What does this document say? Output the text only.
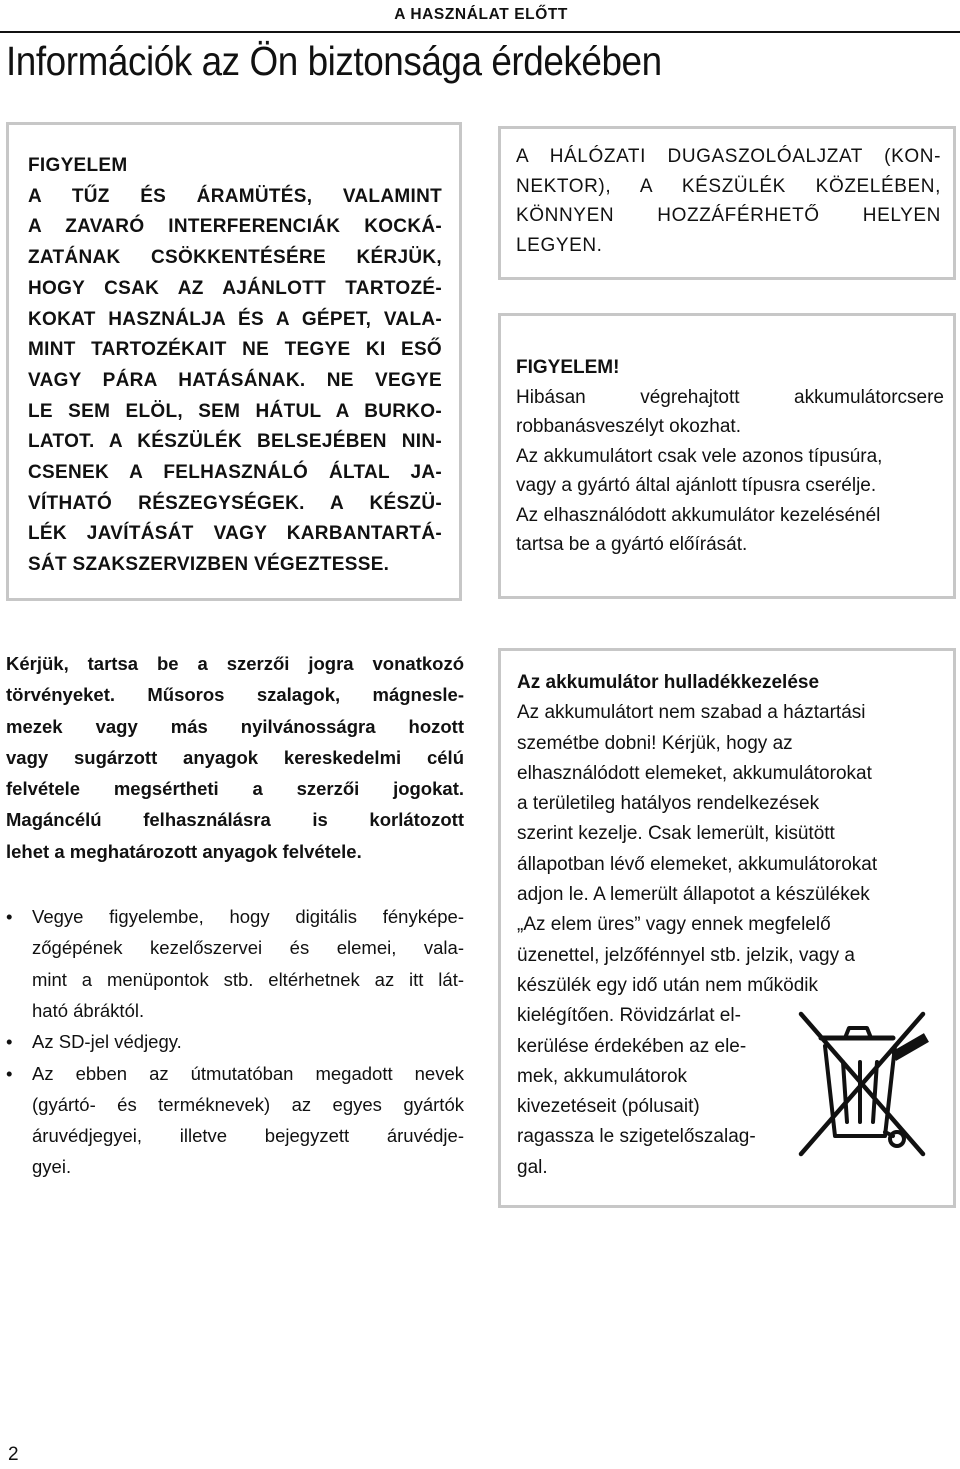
A HASZNÁLAT ELŐTT
Információk az Ön biztonsága érdekében
FIGYELEM
A TŰZ ÉS ÁRAMÜTÉS, VALAMINT
A ZAVARÓ INTERFERENCIÁK KOCKÁ-
ZATÁNAK CSÖKKENTÉSÉRE KÉRJÜK,
HOGY CSAK AZ AJÁNLOTT TARTOZÉ-
KOKAT HASZNÁLJA ÉS A GÉPET, VALA-
MINT TARTOZÉKAIT NE TEGYE KI ESŐ
VAGY PÁRA HATÁSÁNAK. NE VEGYE
LE SEM ELÖL, SEM HÁTUL A BURKO-
LATOT. A KÉSZÜLÉK BELSEJÉBEN NIN-
CSENEK A FELHASZNÁLÓ ÁLTAL JA-
VÍTHATÓ RÉSZEGYSÉGEK. A KÉSZÜ-
LÉK JAVÍTÁSÁT VAGY KARBANTARTÁ-
SÁT SZAKSZERVIZBEN VÉGEZTESSE.
A HÁLÓZATI DUGASZOLÓALJZAT (KON-
NEKTOR), A KÉSZÜLÉK KÖZELÉBEN,
KÖNNYEN HOZZÁFÉRHETŐ HELYEN
LEGYEN.
FIGYELEM!
Hibásan végrehajtott akkumulátorcsere
robbanásveszélyt okozhat.
Az akkumulátort csak vele azonos típusúra,
vagy a gyártó által ajánlott típusra cserélje.
Az elhasználódott akkumulátor kezelésénél
tartsa be a gyártó előírását.
Kérjük, tartsa be a szerzői jogra vonatkozó
törvényeket. Műsoros szalagok, mágnesle-
mezek vagy más nyilvánosságra hozott
vagy sugárzott anyagok kereskedelmi célú
felvétele megsértheti a szerzői jogokat.
Magáncélú felhasználásra is korlátozott
lehet a meghatározott anyagok felvétele.
• Vegye figyelembe, hogy digitális fényképe-
zőgépének kezelőszervei és elemei, vala-
mint a menüpontok stb. eltérhetnek az itt lát-
ható ábráktól.
• Az SD-jel védjegy.
• Az ebben az útmutatóban megadott nevek
(gyártó- és terméknevek) az egyes gyártók
áruvédjegyei, illetve bejegyzett áruvédje-
gyei.
Az akkumulátor hulladékkezelése
Az akkumulátort nem szabad a háztartási
szemétbe dobni! Kérjük, hogy az
elhasználódott elemeket, akkumulátorokat
a területileg hatályos rendelkezések
szerint kezelje. Csak lemerült, kisütött
állapotban lévő elemeket, akkumulátorokat
adjon le. A lemerült állapotot a készülékek
„Az elem üres” vagy ennek megfelelő
üzenettel, jelzőfénnyel stb. jelzik, vagy a
készülék egy idő után nem működik
kielégítően. Rövidzárlat el-
kerülése érdekében az ele-
mek, akkumulátorok
kivezetéseit (pólusait)
ragassza le szigetelőszalag-
gal.
2
